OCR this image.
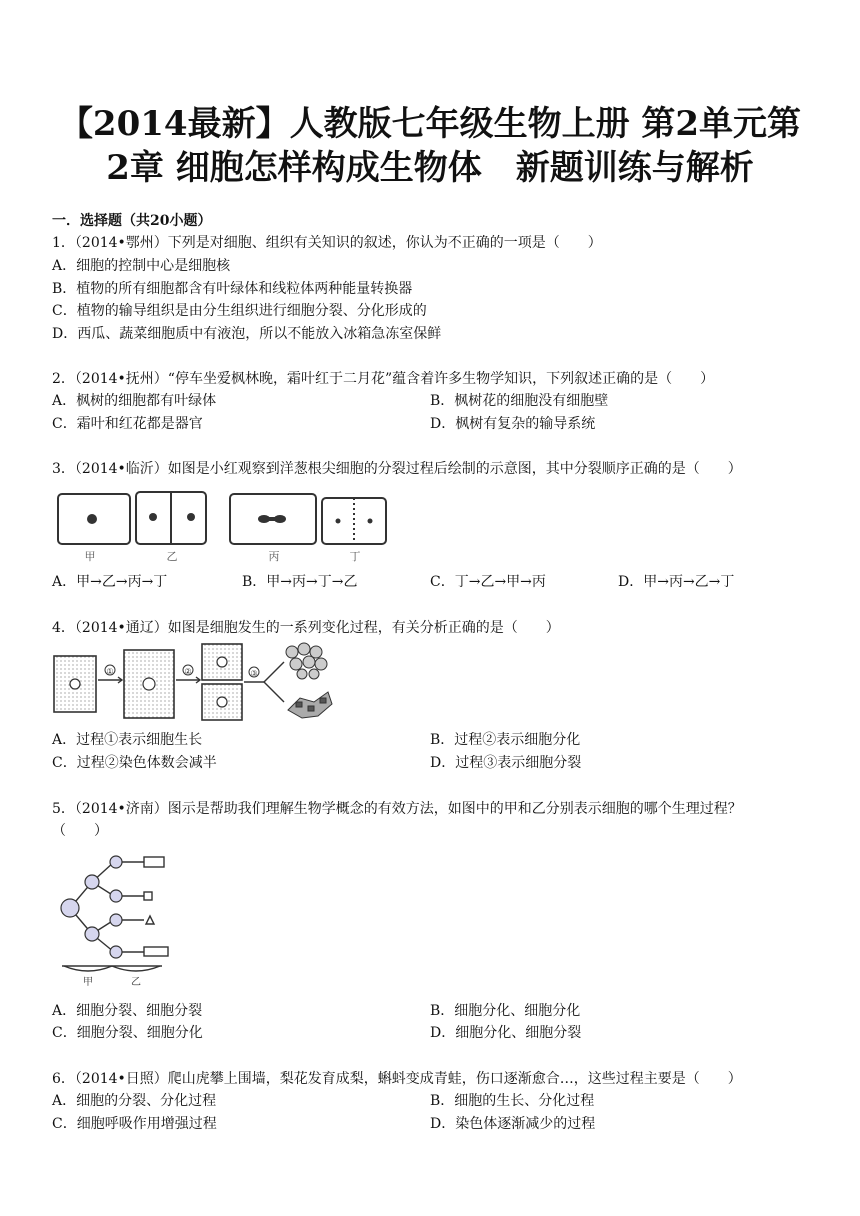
【2014最新】人教版七年级生物上册 第2单元第
2章 细胞怎样构成生物体　新题训练与解析
一．选择题（共20小题）
1．（2014•鄂州）下列是对细胞、组织有关知识的叙述，你认为不正确的一项是（　　）
A．细胞的控制中心是细胞核
B．植物的所有细胞都含有叶绿体和线粒体两种能量转换器
C．植物的输导组织是由分生组织进行细胞分裂、分化形成的
D．西瓜、蔬菜细胞质中有液泡，所以不能放入冰箱急冻室保鲜
2．（2014•抚州）“停车坐爱枫林晚，霜叶红于二月花”蕴含着许多生物学知识，下列叙述正确的是（　　）
A．枫树的细胞都有叶绿体	B．枫树花的细胞没有细胞壁
C．霜叶和红花都是器官	D．枫树有复杂的输导系统
3．（2014•临沂）如图是小红观察到洋葱根尖细胞的分裂过程后绘制的示意图，其中分裂顺序正确的是（　　）
甲	乙	丙	丁
A．甲→乙→丙→丁	B．甲→丙→丁→乙	C．丁→乙→甲→丙	D．甲→丙→乙→丁
4．（2014•通辽）如图是细胞发生的一系列变化过程，有关分析正确的是（　　）
①	②	③
A．过程①表示细胞生长	B．过程②表示细胞分化
C．过程②染色体数会减半	D．过程③表示细胞分裂
5．（2014•济南）图示是帮助我们理解生物学概念的有效方法，如图中的甲和乙分别表示细胞的哪个生理过程？
（　　）
甲	乙
A．细胞分裂、细胞分裂	B．细胞分化、细胞分化
C．细胞分裂、细胞分化	D．细胞分化、细胞分裂
6．（2014•日照）爬山虎攀上围墙，梨花发育成梨，蝌蚪变成青蛙，伤口逐渐愈合…，这些过程主要是（　　）
A．细胞的分裂、分化过程	B．细胞的生长、分化过程
C．细胞呼吸作用增强过程	D．染色体逐渐减少的过程
